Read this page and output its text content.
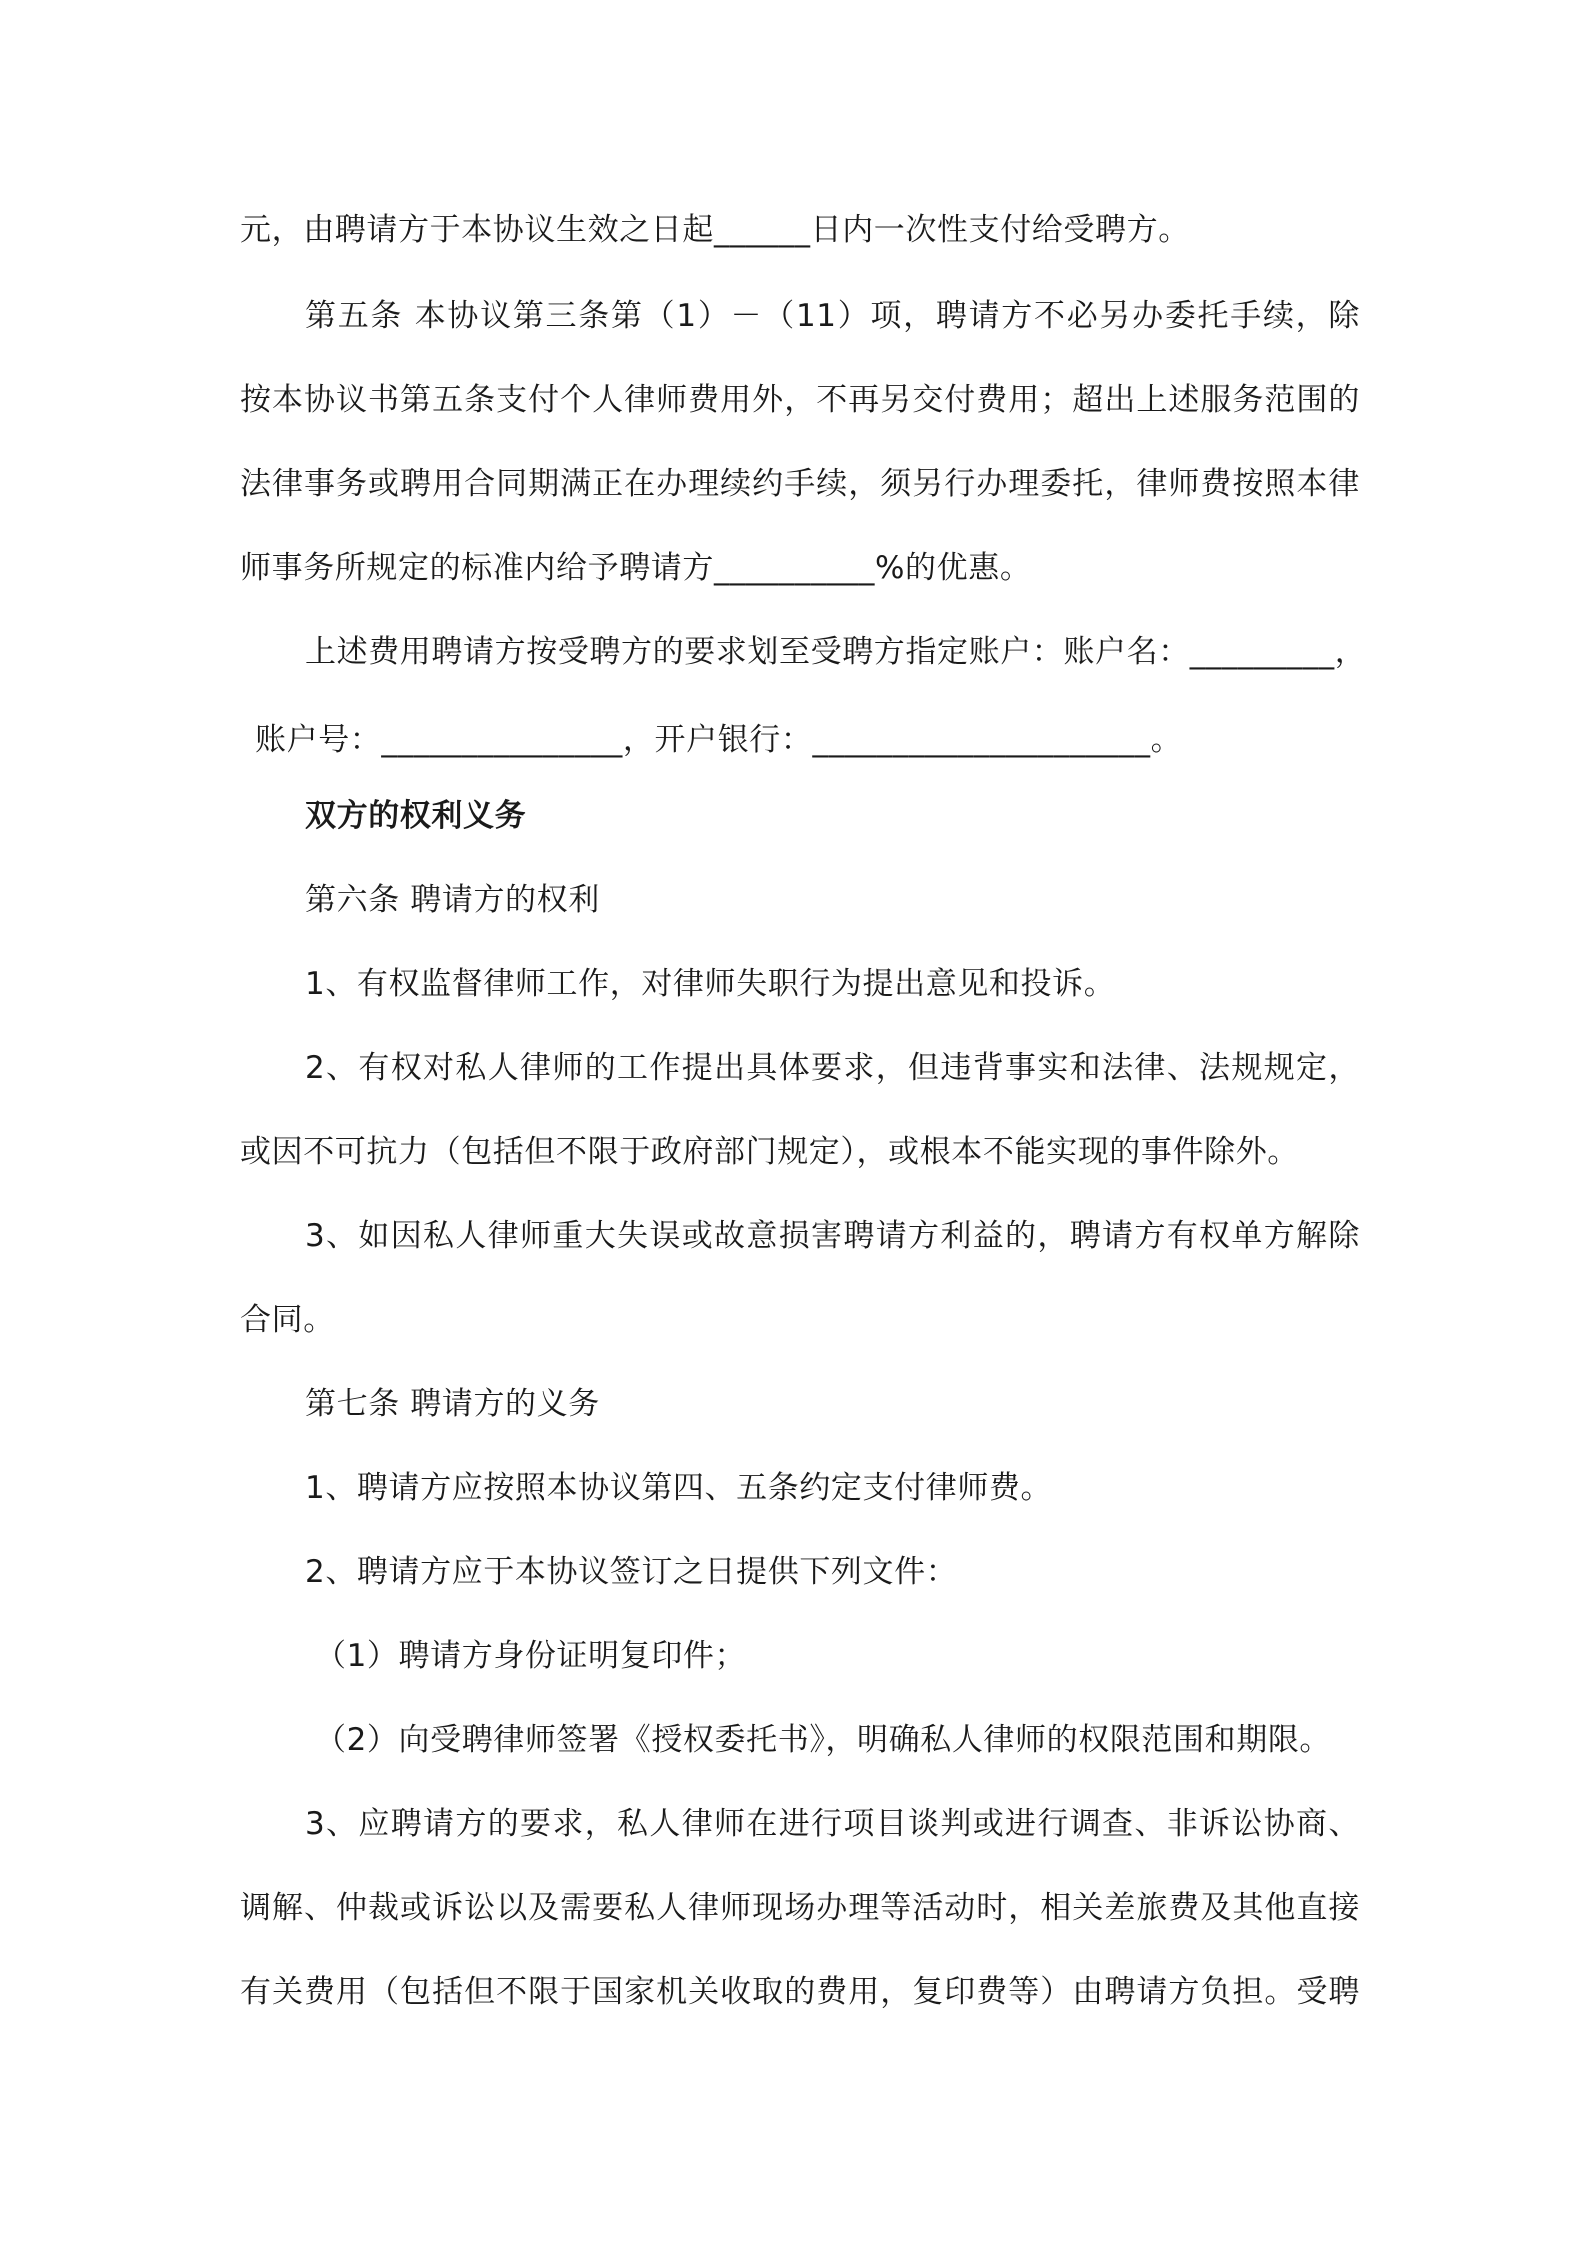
元，由聘请方于本协议生效之日起______日内一次性支付给受聘方。
第五条 本协议第三条第（1）－（11）项，聘请方不必另办委托手续，除
按本协议书第五条支付个人律师费用外，不再另交付费用；超出上述服务范围的
法律事务或聘用合同期满正在办理续约手续，须另行办理委托，律师费按照本律
师事务所规定的标准内给予聘请方__________%的优惠。
上述费用聘请方按受聘方的要求划至受聘方指定账户：账户名：_________，
账户号：_______________，开户银行：_____________________。
双方的权利义务
第六条 聘请方的权利
1、有权监督律师工作，对律师失职行为提出意见和投诉。
2、有权对私人律师的工作提出具体要求，但违背事实和法律、法规规定，
或因不可抗力（包括但不限于政府部门规定），或根本不能实现的事件除外。
3、如因私人律师重大失误或故意损害聘请方利益的，聘请方有权单方解除
合同。
第七条 聘请方的义务
1、聘请方应按照本协议第四、五条约定支付律师费。
2、聘请方应于本协议签订之日提供下列文件：
（1）聘请方身份证明复印件；
（2）向受聘律师签署《授权委托书》，明确私人律师的权限范围和期限。
3、应聘请方的要求，私人律师在进行项目谈判或进行调查、非诉讼协商、
调解、仲裁或诉讼以及需要私人律师现场办理等活动时，相关差旅费及其他直接
有关费用（包括但不限于国家机关收取的费用，复印费等）由聘请方负担。受聘
